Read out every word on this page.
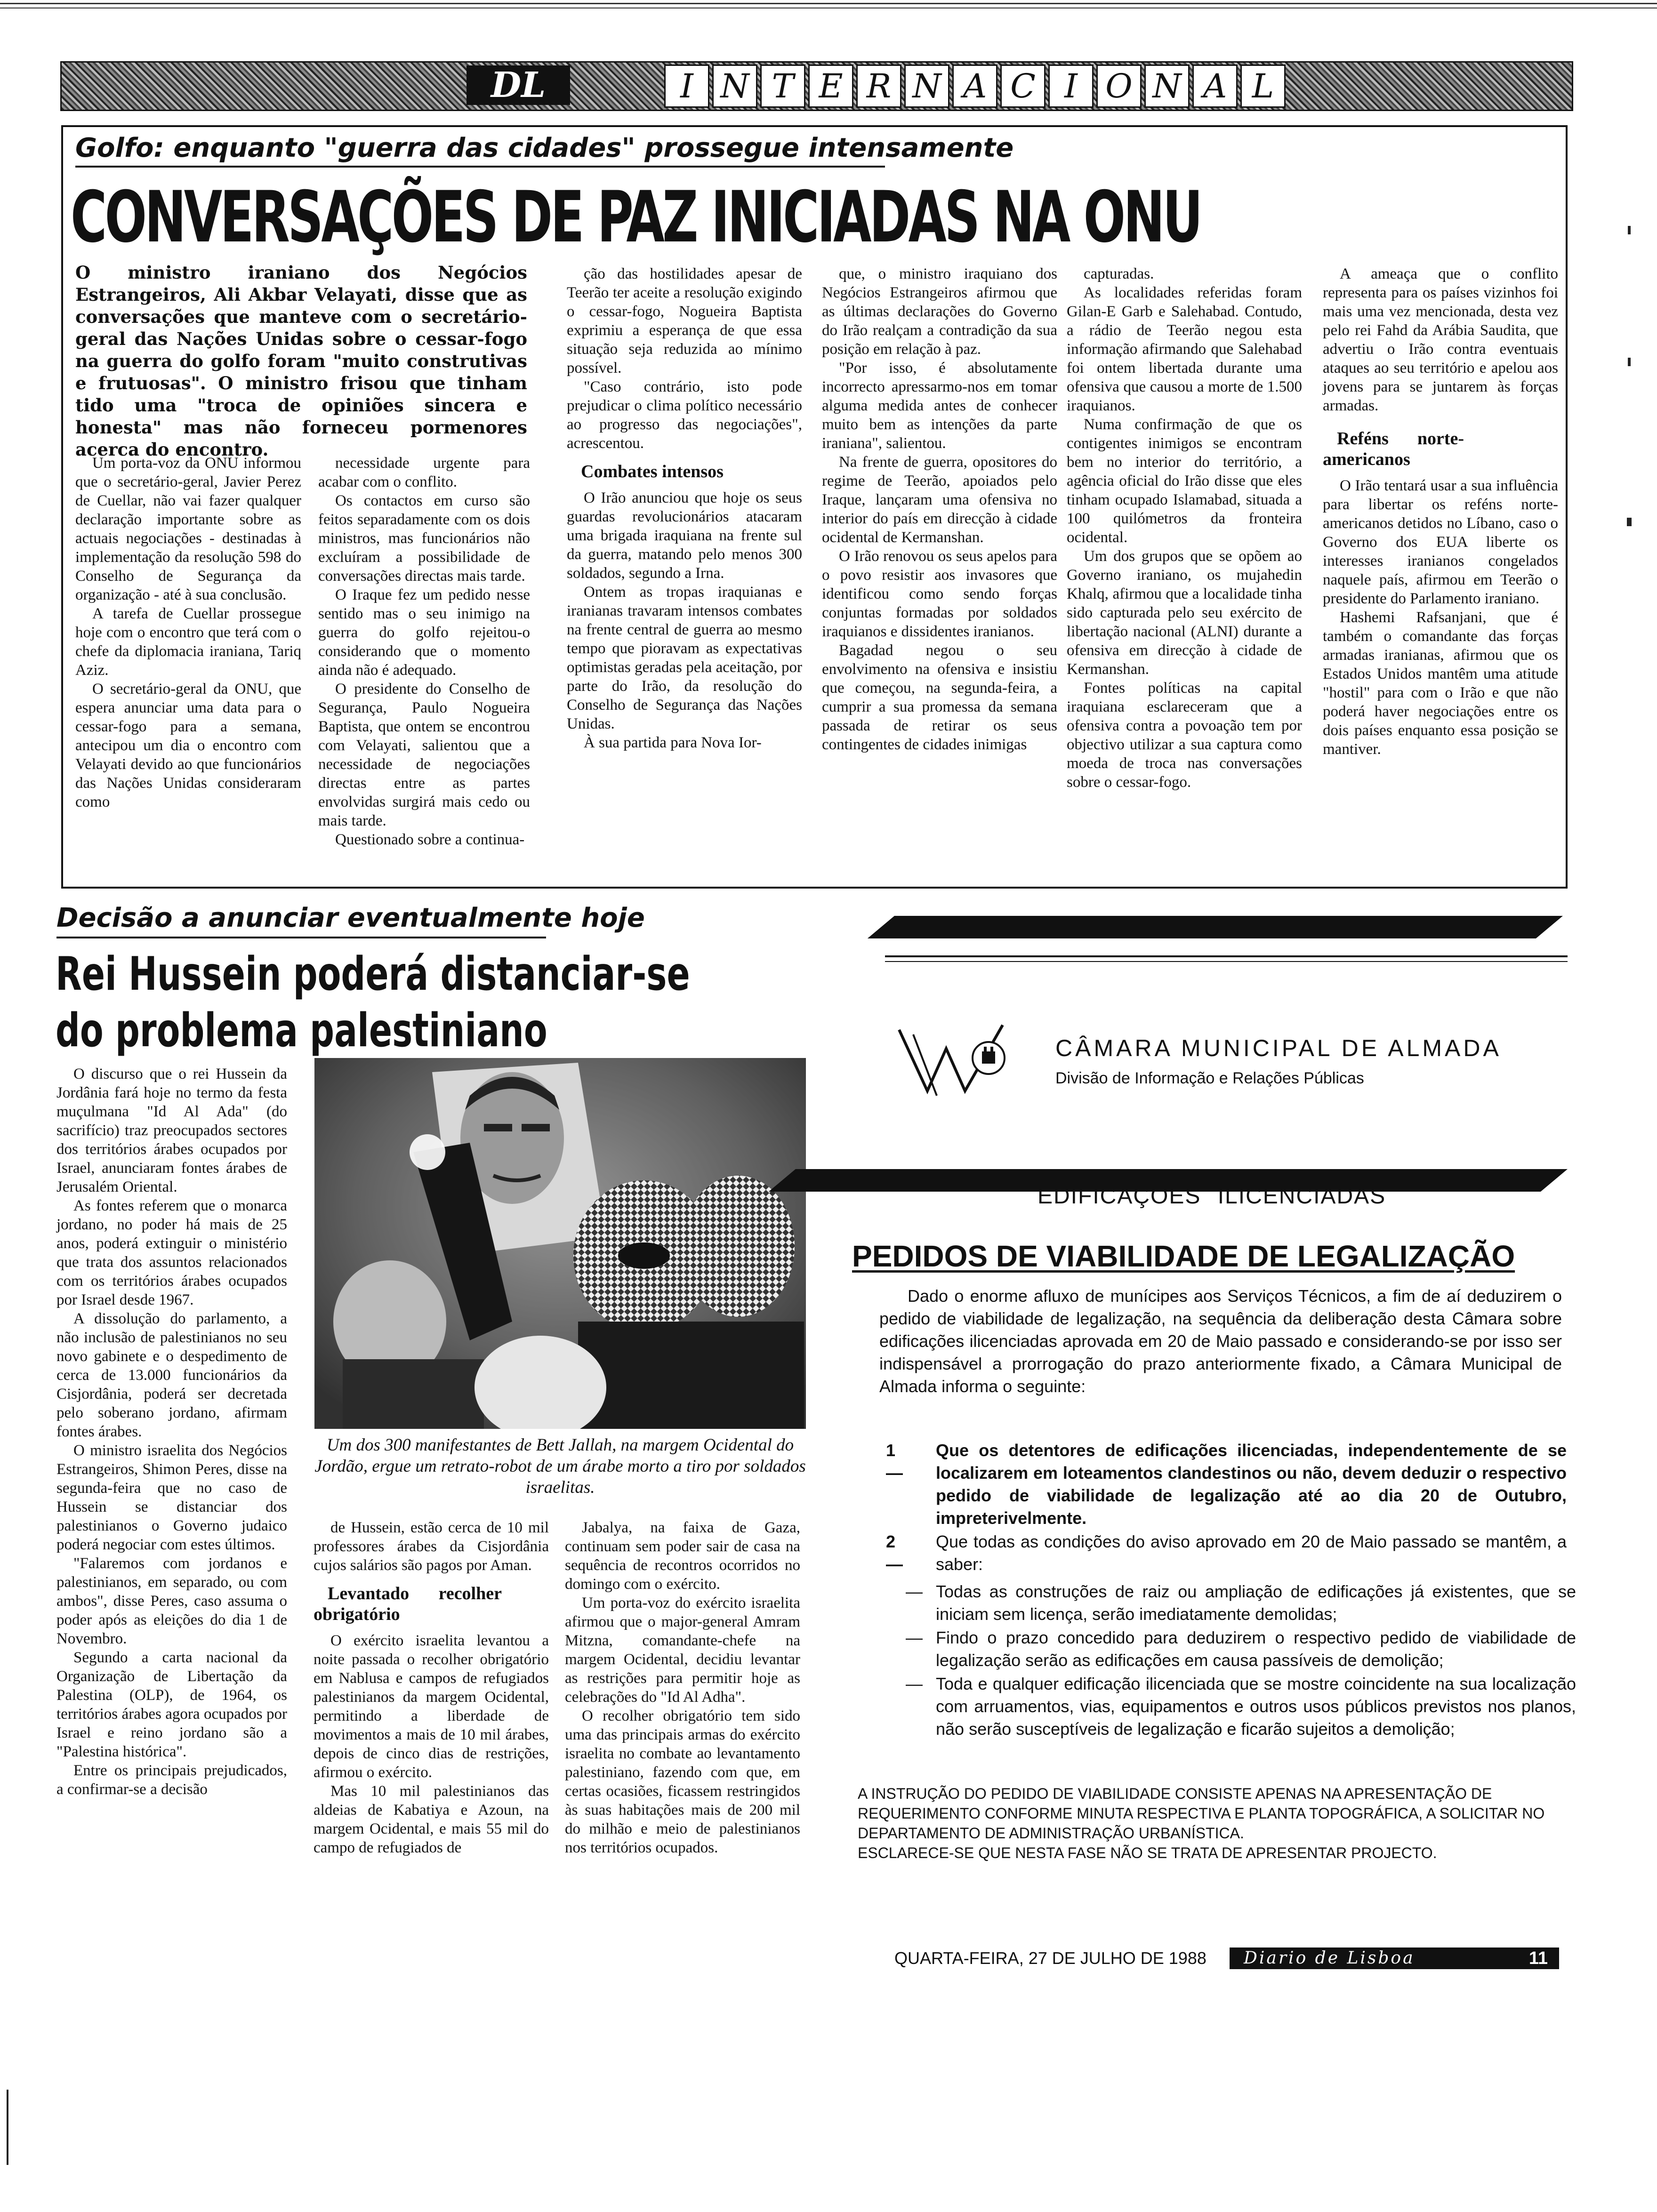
DL	I N T E R N A C I O N A L
Golfo: enquanto "guerra das cidades" prossegue intensamente
CONVERSAÇÕES DE PAZ INICIADAS NA ONU
O ministro iraniano dos Negócios Estrangeiros, Ali Akbar Velayati, disse que as conversações que manteve com o secretário-geral das Nações Unidas sobre o cessar-fogo na guerra do golfo foram "muito construtivas e frutuosas". O ministro frisou que tinham tido uma "troca de opiniões sincera e honesta" mas não forneceu pormenores acerca do encontro.

Um porta-voz da ONU informou que o secretário-geral, Javier Perez de Cuellar, não vai fazer qualquer declaração importante sobre as actuais negociações - destinadas à implementação da resolução 598 do Conselho de Segurança da organização - até à sua conclusão.

A tarefa de Cuellar prossegue hoje com o encontro que terá com o chefe da diplomacia iraniana, Tariq Aziz.

O secretário-geral da ONU, que espera anunciar uma data para o cessar-fogo para a semana, antecipou um dia o encontro com Velayati devido ao que funcionários das Nações Unidas consideraram como

necessidade urgente para acabar com o conflito.

Os contactos em curso são feitos separadamente com os dois ministros, mas funcionários não excluíram a possibilidade de conversações directas mais tarde.

O Iraque fez um pedido nesse sentido mas o seu inimigo na guerra do golfo rejeitou-o considerando que o momento ainda não é adequado.

O presidente do Conselho de Segurança, Paulo Nogueira Baptista, que ontem se encontrou com Velayati, salientou que a necessidade de negociações directas entre as partes envolvidas surgirá mais cedo ou mais tarde.

Questionado sobre a continua-

ção das hostilidades apesar de Teerão ter aceite a resolução exigindo o cessar-fogo, Nogueira Baptista exprimiu a esperança de que essa situação seja reduzida ao mínimo possível.

"Caso contrário, isto pode prejudicar o clima político necessário ao progresso das negociações", acrescentou.

Combates intensos

O Irão anunciou que hoje os seus guardas revolucionários atacaram uma brigada iraquiana na frente sul da guerra, matando pelo menos 300 soldados, segundo a Irna.

Ontem as tropas iraquianas e iranianas travaram intensos combates na frente central de guerra ao mesmo tempo que pioravam as expectativas optimistas geradas pela aceitação, por parte do Irão, da resolução do Conselho de Segurança das Nações Unidas.

À sua partida para Nova Ior-

que, o ministro iraquiano dos Negócios Estrangeiros afirmou que as últimas declarações do Governo do Irão realçam a contradição da sua posição em relação à paz.

"Por isso, é absolutamente incorrecto apressarmo-nos em tomar alguma medida antes de conhecer muito bem as intenções da parte iraniana", salientou.

Na frente de guerra, opositores do regime de Teerão, apoiados pelo Iraque, lançaram uma ofensiva no interior do país em direcção à cidade ocidental de Kermanshan.

O Irão renovou os seus apelos para o povo resistir aos invasores que identificou como sendo forças conjuntas formadas por soldados iraquianos e dissidentes iranianos.

Bagadad negou o seu envolvimento na ofensiva e insistiu que começou, na segunda-feira, a cumprir a sua promessa da semana passada de retirar os seus contingentes de cidades inimigas

capturadas.

As localidades referidas foram Gilan-E Garb e Salehabad. Contudo, a rádio de Teerão negou esta informação afirmando que Salehabad foi ontem libertada durante uma ofensiva que causou a morte de 1.500 iraquianos.

Numa confirmação de que os contigentes inimigos se encontram bem no interior do território, a agência oficial do Irão disse que eles tinham ocupado Islamabad, situada a 100 quilómetros da fronteira ocidental.

Um dos grupos que se opõem ao Governo iraniano, os mujahedin Khalq, afirmou que a localidade tinha sido capturada pelo seu exército de libertação nacional (ALNI) durante a ofensiva em direcção à cidade de Kermanshan.

Fontes políticas na capital iraquiana esclareceram que a ofensiva contra a povoação tem por objectivo utilizar a sua captura como moeda de troca nas conversações sobre o cessar-fogo.

A ameaça que o conflito representa para os países vizinhos foi mais uma vez mencionada, desta vez pelo rei Fahd da Arábia Saudita, que advertiu o Irão contra eventuais ataques ao seu território e apelou aos jovens para se juntarem às forças armadas.

Reféns norte-americanos

O Irão tentará usar a sua influência para libertar os reféns norte-americanos detidos no Líbano, caso o Governo dos EUA liberte os interesses iranianos congelados naquele país, afirmou em Teerão o presidente do Parlamento iraniano.

Hashemi Rafsanjani, que é também o comandante das forças armadas iranianas, afirmou que os Estados Unidos mantêm uma atitude "hostil" para com o Irão e que não poderá haver negociações entre os dois países enquanto essa posição se mantiver.

Decisão a anunciar eventualmente hoje
Rei Hussein poderá distanciar-se
do problema palestiniano

O discurso que o rei Hussein da Jordânia fará hoje no termo da festa muçulmana "Id Al Ada" (do sacrifício) traz preocupados sectores dos territórios árabes ocupados por Israel, anunciaram fontes árabes de Jerusalém Oriental.

As fontes referem que o monarca jordano, no poder há mais de 25 anos, poderá extinguir o ministério que trata dos assuntos relacionados com os territórios árabes ocupados por Israel desde 1967.

A dissolução do parlamento, a não inclusão de palestinianos no seu novo gabinete e o despedimento de cerca de 13.000 funcionários da Cisjordânia, poderá ser decretada pelo soberano jordano, afirmam fontes árabes.

O ministro israelita dos Negócios Estrangeiros, Shimon Peres, disse na segunda-feira que no caso de Hussein se distanciar dos palestinianos o Governo judaico poderá negociar com estes últimos.

"Falaremos com jordanos e palestinianos, em separado, ou com ambos", disse Peres, caso assuma o poder após as eleições do dia 1 de Novembro.

Segundo a carta nacional da Organização de Libertação da Palestina (OLP), de 1964, os territórios árabes agora ocupados por Israel e reino jordano são a "Palestina histórica".

Entre os principais prejudicados, a confirmar-se a decisão

Um dos 300 manifestantes de Bett Jallah, na margem Ocidental do Jordão, ergue um retrato-robot de um árabe morto a tiro por soldados israelitas.

de Hussein, estão cerca de 10 mil professores árabes da Cisjordânia cujos salários são pagos por Aman.

Levantado recolher obrigatório

O exército israelita levantou a noite passada o recolher obrigatório em Nablusa e campos de refugiados palestinianos da margem Ocidental, permitindo a liberdade de movimentos a mais de 10 mil árabes, depois de cinco dias de restrições, afirmou o exército.

Mas 10 mil palestinianos das aldeias de Kabatiya e Azoun, na margem Ocidental, e mais 55 mil do campo de refugiados de

Jabalya, na faixa de Gaza, continuam sem poder sair de casa na sequência de recontros ocorridos no domingo com o exército.

Um porta-voz do exército israelita afirmou que o major-general Amram Mitzna, comandante-chefe na margem Ocidental, decidiu levantar as restrições para permitir hoje as celebrações do "Id Al Adha".

O recolher obrigatório tem sido uma das principais armas do exército israelita no combate ao levantamento palestiniano, fazendo com que, em certas ocasiões, ficassem restringidos às suas habitações mais de 200 mil do milhão e meio de palestinianos nos territórios ocupados.

CÂMARA MUNICIPAL DE ALMADA
Divisão de Informação e Relações Públicas
EDIFICAÇÕES ILICENCIADAS
PEDIDOS DE VIABILIDADE DE LEGALIZAÇÃO
Dado o enorme afluxo de munícipes aos Serviços Técnicos, a fim de aí deduzirem o pedido de viabilidade de legalização, na sequência da deliberação desta Câmara sobre edificações ilicenciadas aprovada em 20 de Maio passado e considerando-se por isso ser indispensável a prorrogação do prazo anteriormente fixado, a Câmara Municipal de Almada informa o seguinte:
1 —
Que os detentores de edificações ilicenciadas, independentemente de se localizarem em loteamentos clandestinos ou não, devem deduzir o respectivo pedido de viabilidade de legalização até ao dia 20 de Outubro, impreterivelmente.
2 —
Que todas as condições do aviso aprovado em 20 de Maio passado se mantêm, a saber:
— Todas as construções de raiz ou ampliação de edificações já existentes, que se iniciam sem licença, serão imediatamente demolidas;
— Findo o prazo concedido para deduzirem o respectivo pedido de viabilidade de legalização serão as edificações em causa passíveis de demolição;
— Toda e qualquer edificação ilicenciada que se mostre coincidente na sua localização com arruamentos, vias, equipamentos e outros usos públicos previstos nos planos, não serão susceptíveis de legalização e ficarão sujeitos a demolição;
A INSTRUÇÃO DO PEDIDO DE VIABILIDADE CONSISTE APENAS NA APRESENTAÇÃO DE REQUERIMENTO CONFORME MINUTA RESPECTIVA E PLANTA TOPOGRÁFICA, A SOLICITAR NO DEPARTAMENTO DE ADMINISTRAÇÃO URBANÍSTICA.
ESCLARECE-SE QUE NESTA FASE NÃO SE TRATA DE APRESENTAR PROJECTO.
QUARTA-FEIRA, 27 DE JULHO DE 1988 Diario de Lisboa	11
